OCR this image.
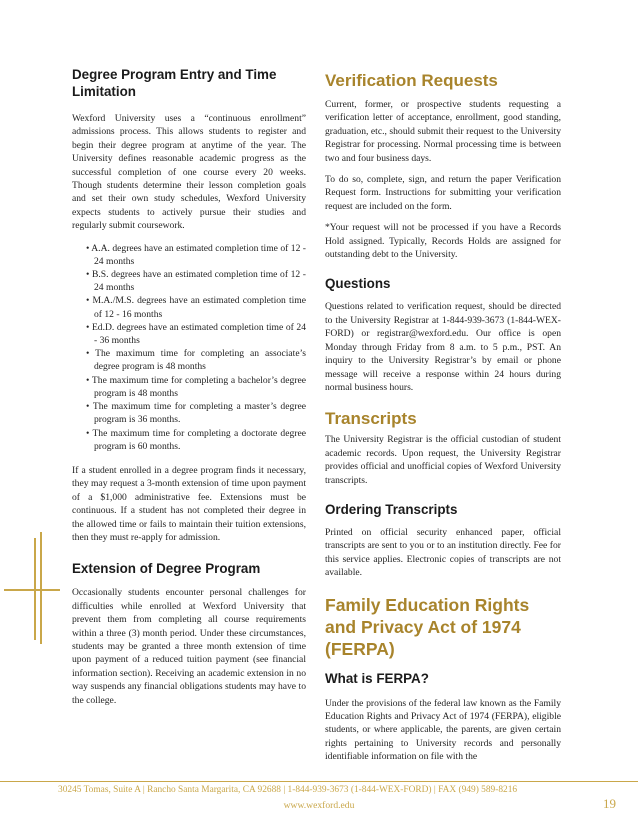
Degree Program Entry and Time Limitation

Wexford University uses a “continuous enrollment” admissions process. This allows students to register and begin their degree program at anytime of the year. The University defines reasonable academic progress as the successful completion of one course every 20 weeks. Though students determine their lesson completion goals and set their own study schedules, Wexford University expects students to actively pursue their studies and regularly submit coursework.

• A.A. degrees have an estimated completion time of 12 - 24 months
• B.S. degrees have an estimated completion time of 12 - 24 months
• M.A./M.S. degrees have an estimated completion time of 12 - 16 months
• Ed.D. degrees have an estimated completion time of 24 - 36 months
• The maximum time for completing an associate’s degree program is 48 months
• The maximum time for completing a bachelor’s degree program is 48 months
• The maximum time for completing a master’s degree program is 36 months.
• The maximum time for completing a doctorate degree program is 60 months.

If a student enrolled in a degree program finds it necessary, they may request a 3-month extension of time upon payment of a $1,000 administrative fee. Extensions must be continuous. If a student has not completed their degree in the allowed time or fails to maintain their tuition extensions, then they must re-apply for admission.

Extension of Degree Program

Occasionally students encounter personal challenges for difficulties while enrolled at Wexford University that prevent them from completing all course requirements within a three (3) month period. Under these circumstances, students may be granted a three month extension of time upon payment of a reduced tuition payment (see financial information section). Receiving an academic extension in no way suspends any financial obligations students may have to the college.

Verification Requests

Current, former, or prospective students requesting a verification letter of acceptance, enrollment, good standing, graduation, etc., should submit their request to the University Registrar for processing. Normal processing time is between two and four business days.

To do so, complete, sign, and return the paper Verification Request form. Instructions for submitting your verification request are included on the form.

*Your request will not be processed if you have a Records Hold assigned. Typically, Records Holds are assigned for outstanding debt to the University.

Questions

Questions related to verification request, should be directed to the University Registrar at 1-844-939-3673 (1-844-WEX-FORD) or registrar@wexford.edu. Our office is open Monday through Friday from 8 a.m. to 5 p.m., PST. An inquiry to the University Registrar’s by email or phone message will receive a response within 24 hours during normal business hours.

Transcripts

The University Registrar is the official custodian of student academic records. Upon request, the University Registrar provides official and unofficial copies of Wexford University transcripts.

Ordering Transcripts

Printed on official security enhanced paper, official transcripts are sent to you or to an institution directly. Fee for this service applies. Electronic copies of transcripts are not available.

Family Education Rights and Privacy Act of 1974 (FERPA)
What is FERPA?

Under the provisions of the federal law known as the Family Education Rights and Privacy Act of 1974 (FERPA), eligible students, or where applicable, the parents, are given certain rights pertaining to University records and personally identifiable information on file with the

30245 Tomas, Suite A | Rancho Santa Margarita, CA 92688 | 1-844-939-3673 (1-844-WEX-FORD) | FAX (949) 589-8216
www.wexford.edu	19
